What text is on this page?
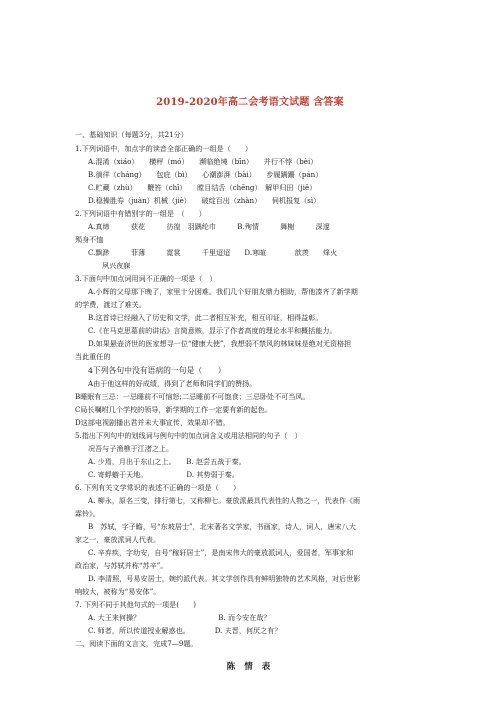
2019-2020年高二会考语文试题 含答案
一、基础知识（每题3分，共21分）
1.下列词语中，加点字的读音全部正确的一组是（　　）
A.混淆（xiáo）　　横秤（mó）　　濒临绝境（bīn）　　并行不悖（bèi）
B.徜徉（cháng）　　包庇（bì）　　心潮澎湃（bài）　　步履蹒跚（pán）
C.贮藏（zhù）　　鞭笞（chī）　　瞠目结舌（chēng）　解甲归田（jiě）
D.稳操胜券（juàn）机械（jiè）　　破绽百出（zhàn）　　伺机报复（sì）
2.下列词语中有错别字的一组是　（　　）
A.真缔　　　获花　　　彷徨　羽踽纶巾　　　B.殉情　　　舞榭　　　深邃
殒身不恤
C.飘渺　　　菲薄　　　霓裳　　　千里迢迢　　D.寒暄　　　　歆羡　　烽火
夙兴夜寐
3.下面句中加点词用词不正确的一项是（　）
A.小辉的父母那下晚了，家里十分困难。我们几个好朋友鼎力相助，帮他凑齐了新学期
的学费，渡过了难关。
B.这首诗已经融入了历史和文学，此二者相互补充，相互印证，相得益彰。
C.《在马克思墓前的讲话》言简意赅，显示了作者高度的理论水平和概括能力。
D.如果悬壶济世的医家想寻一位“健康大使”，我想弱不禁风的林妹妹是绝对无资格担
当此重任的
4下列各句中没有语病的一句是（　　）
A由于他这样的好成绩，得到了老师和同学们的赞扬。
B睡眠有三忌：一忌睡前不可恼怒;二忌睡前不可饱食；三忌卧处不可当风。
C局长嘱咐几个学校的领导，新学期的工作一定要有新的起色。
D这部电视剧播出君并未大事宣传，效果却不错。
5.指出下列句中的划线词与例句中的加点词含义或用法相同的句子（　）
况吾与子渔樵于江渚之上。
A. 少焉，月出于东山之上。　　B. 赵尝五战于秦。
C. 寄蜉蝣于天地。　　　　　　D. 其势弱于秦。
6. 下列有关文学常识的表述不正确的一项是（　　）
A. 柳永，原名三变，排行第七，又称柳七。豪放派最具代表性的人物之一，代表作《雨
霖铃》。
B　苏轼，字子瞻，号“东坡居士”，北宋著名文学家，书画家，诗人，词人，唐宋八大
家之一，豪放派词人代表。
C. 辛弃疾，字幼安，自号“稼轩居士”，是南宋伟大的豪放派词人，爱国者，军事家和
政治家，与苏轼并称“苏辛”。
D. 李清照，号易安居士，婉约派代表。其文学创作具有鲜明独特的艺术风格，对后世影
响较大，被称为“易安体”。
7. 下列不同于其他句式的一项是(　　)
A. 大王来何操？　　　　　　　　　　　B. 而今安在哉？
C. 师者，所以传道授业解惑也。　　　　D. 夫晋，何厌之有？
二、阅读下面的文言文，完成7—9题。
陈 情 表
